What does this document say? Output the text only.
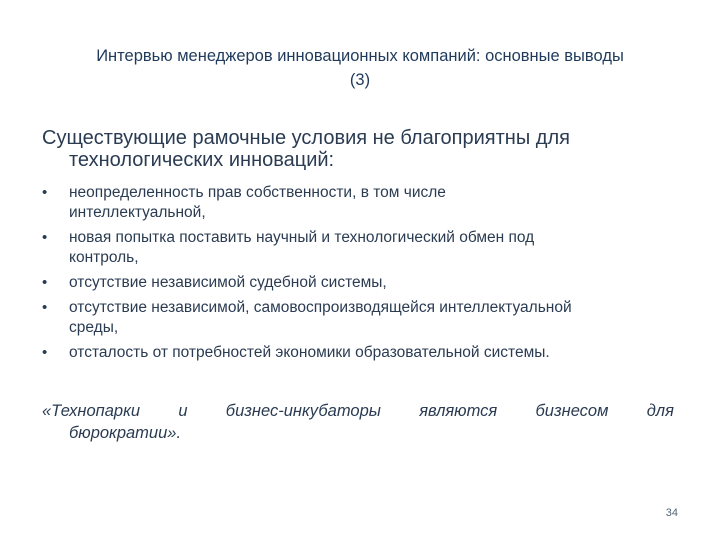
Интервью менеджеров инновационных компаний: основные выводы
(3)
Существующие рамочные условия не благоприятны для
технологических инноваций:
•	неопределенность прав собственности, в том числе
интеллектуальной,
•	новая попытка поставить научный и технологический обмен под
контроль,
•	отсутствие независимой судебной системы,
•	отсутствие независимой, самовоспроизводящейся интеллектуальной
среды,
•	отсталость от потребностей экономики образовательной системы.
«Технопарки и бизнес-инкубаторы являются бизнесом для
бюрократии».
34
